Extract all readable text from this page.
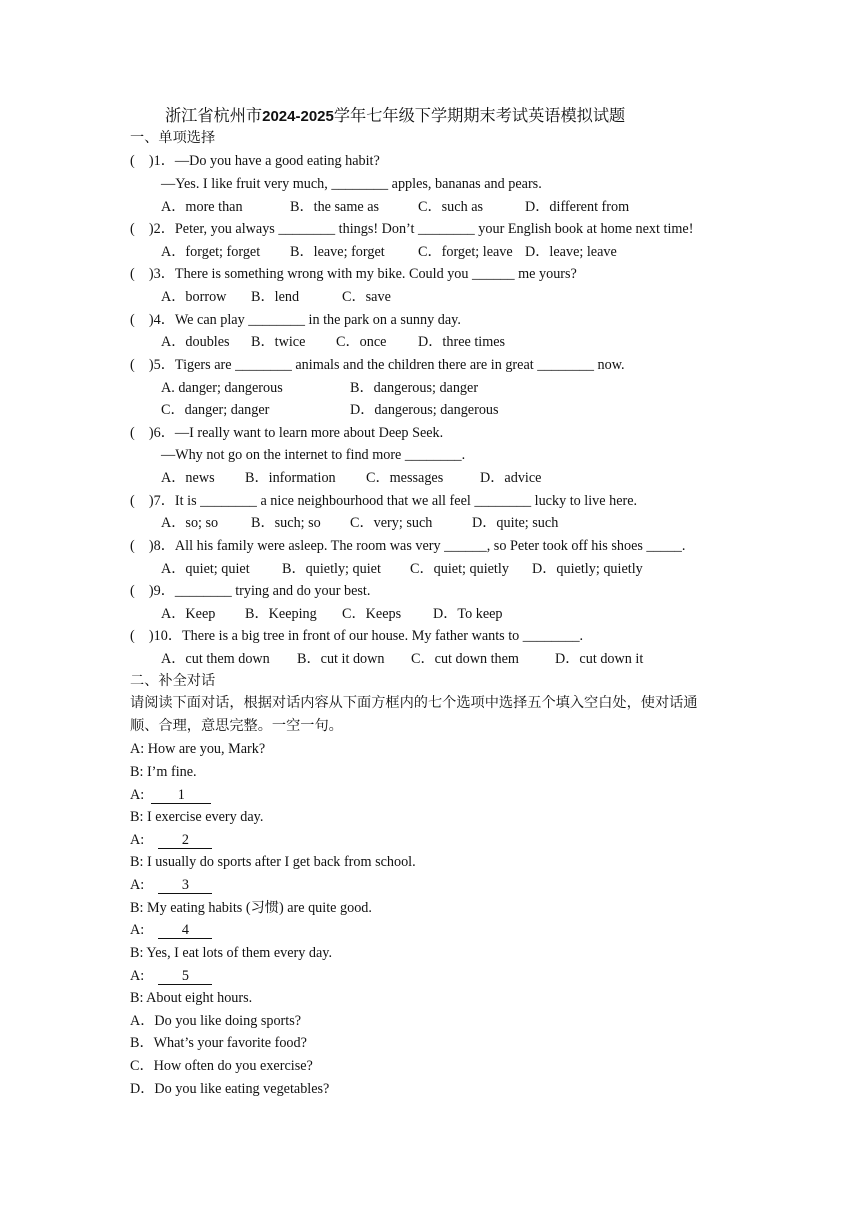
浙江省杭州市2024-2025学年七年级下学期期末考试英语模拟试题
一、单项选择
(    )1．—Do you have a good eating habit?
—Yes. I like fruit very much, ________ apples, bananas and pears.
A．more than	B．the same as	C．such as	D．different from
(    )2．Peter, you always ________ things! Don’t ________ your English book at home next time!
A．forget; forget B．leave; forget C．forget; leave D．leave; leave
(    )3．There is something wrong with my bike. Could you ______ me yours?
A．borrow B．lend	C．save
(    )4．We can play ________ in the park on a sunny day.
A．doubles B．twice C．once D．three times
(    )5．Tigers are ________ animals and the children there are in great ________ now.
A. danger; dangerous	B．dangerous; danger
C．danger; danger	D．dangerous; dangerous
(    )6．—I really want to learn more about Deep Seek.
—Why not go on the internet to find more ________.
A．news B．information C．messages	D．advice
(    )7．It is ________ a nice neighbourhood that we all feel ________ lucky to live here.
A．so; so B．such; so C．very; such	D．quite; such
(    )8．All his family were asleep. The room was very ______, so Peter took off his shoes _____.
A．quiet; quiet B．quietly; quiet C．quiet; quietly D．quietly; quietly
(    )9．________ trying and do your best.
A．Keep B．Keeping C．Keeps D．To keep
(    )10．There is a big tree in front of our house. My father wants to ________.
A．cut them down B．cut it down C．cut down them	D．cut down it
二、补全对话
请阅读下面对话，根据对话内容从下面方框内的七个选项中选择五个填入空白处，使对话通
顺、合理，意思完整。一空一句。
A: How are you, Mark?
B: I’m fine.
A: 1
B: I exercise every day.
A:	2
B: I usually do sports after I get back from school.
A:	3
B: My eating habits (习惯) are quite good.
A:	4
B: Yes, I eat lots of them every day.
A:	5
B: About eight hours.
A．Do you like doing sports?
B．What’s your favorite food?
C．How often do you exercise?
D．Do you like eating vegetables?
